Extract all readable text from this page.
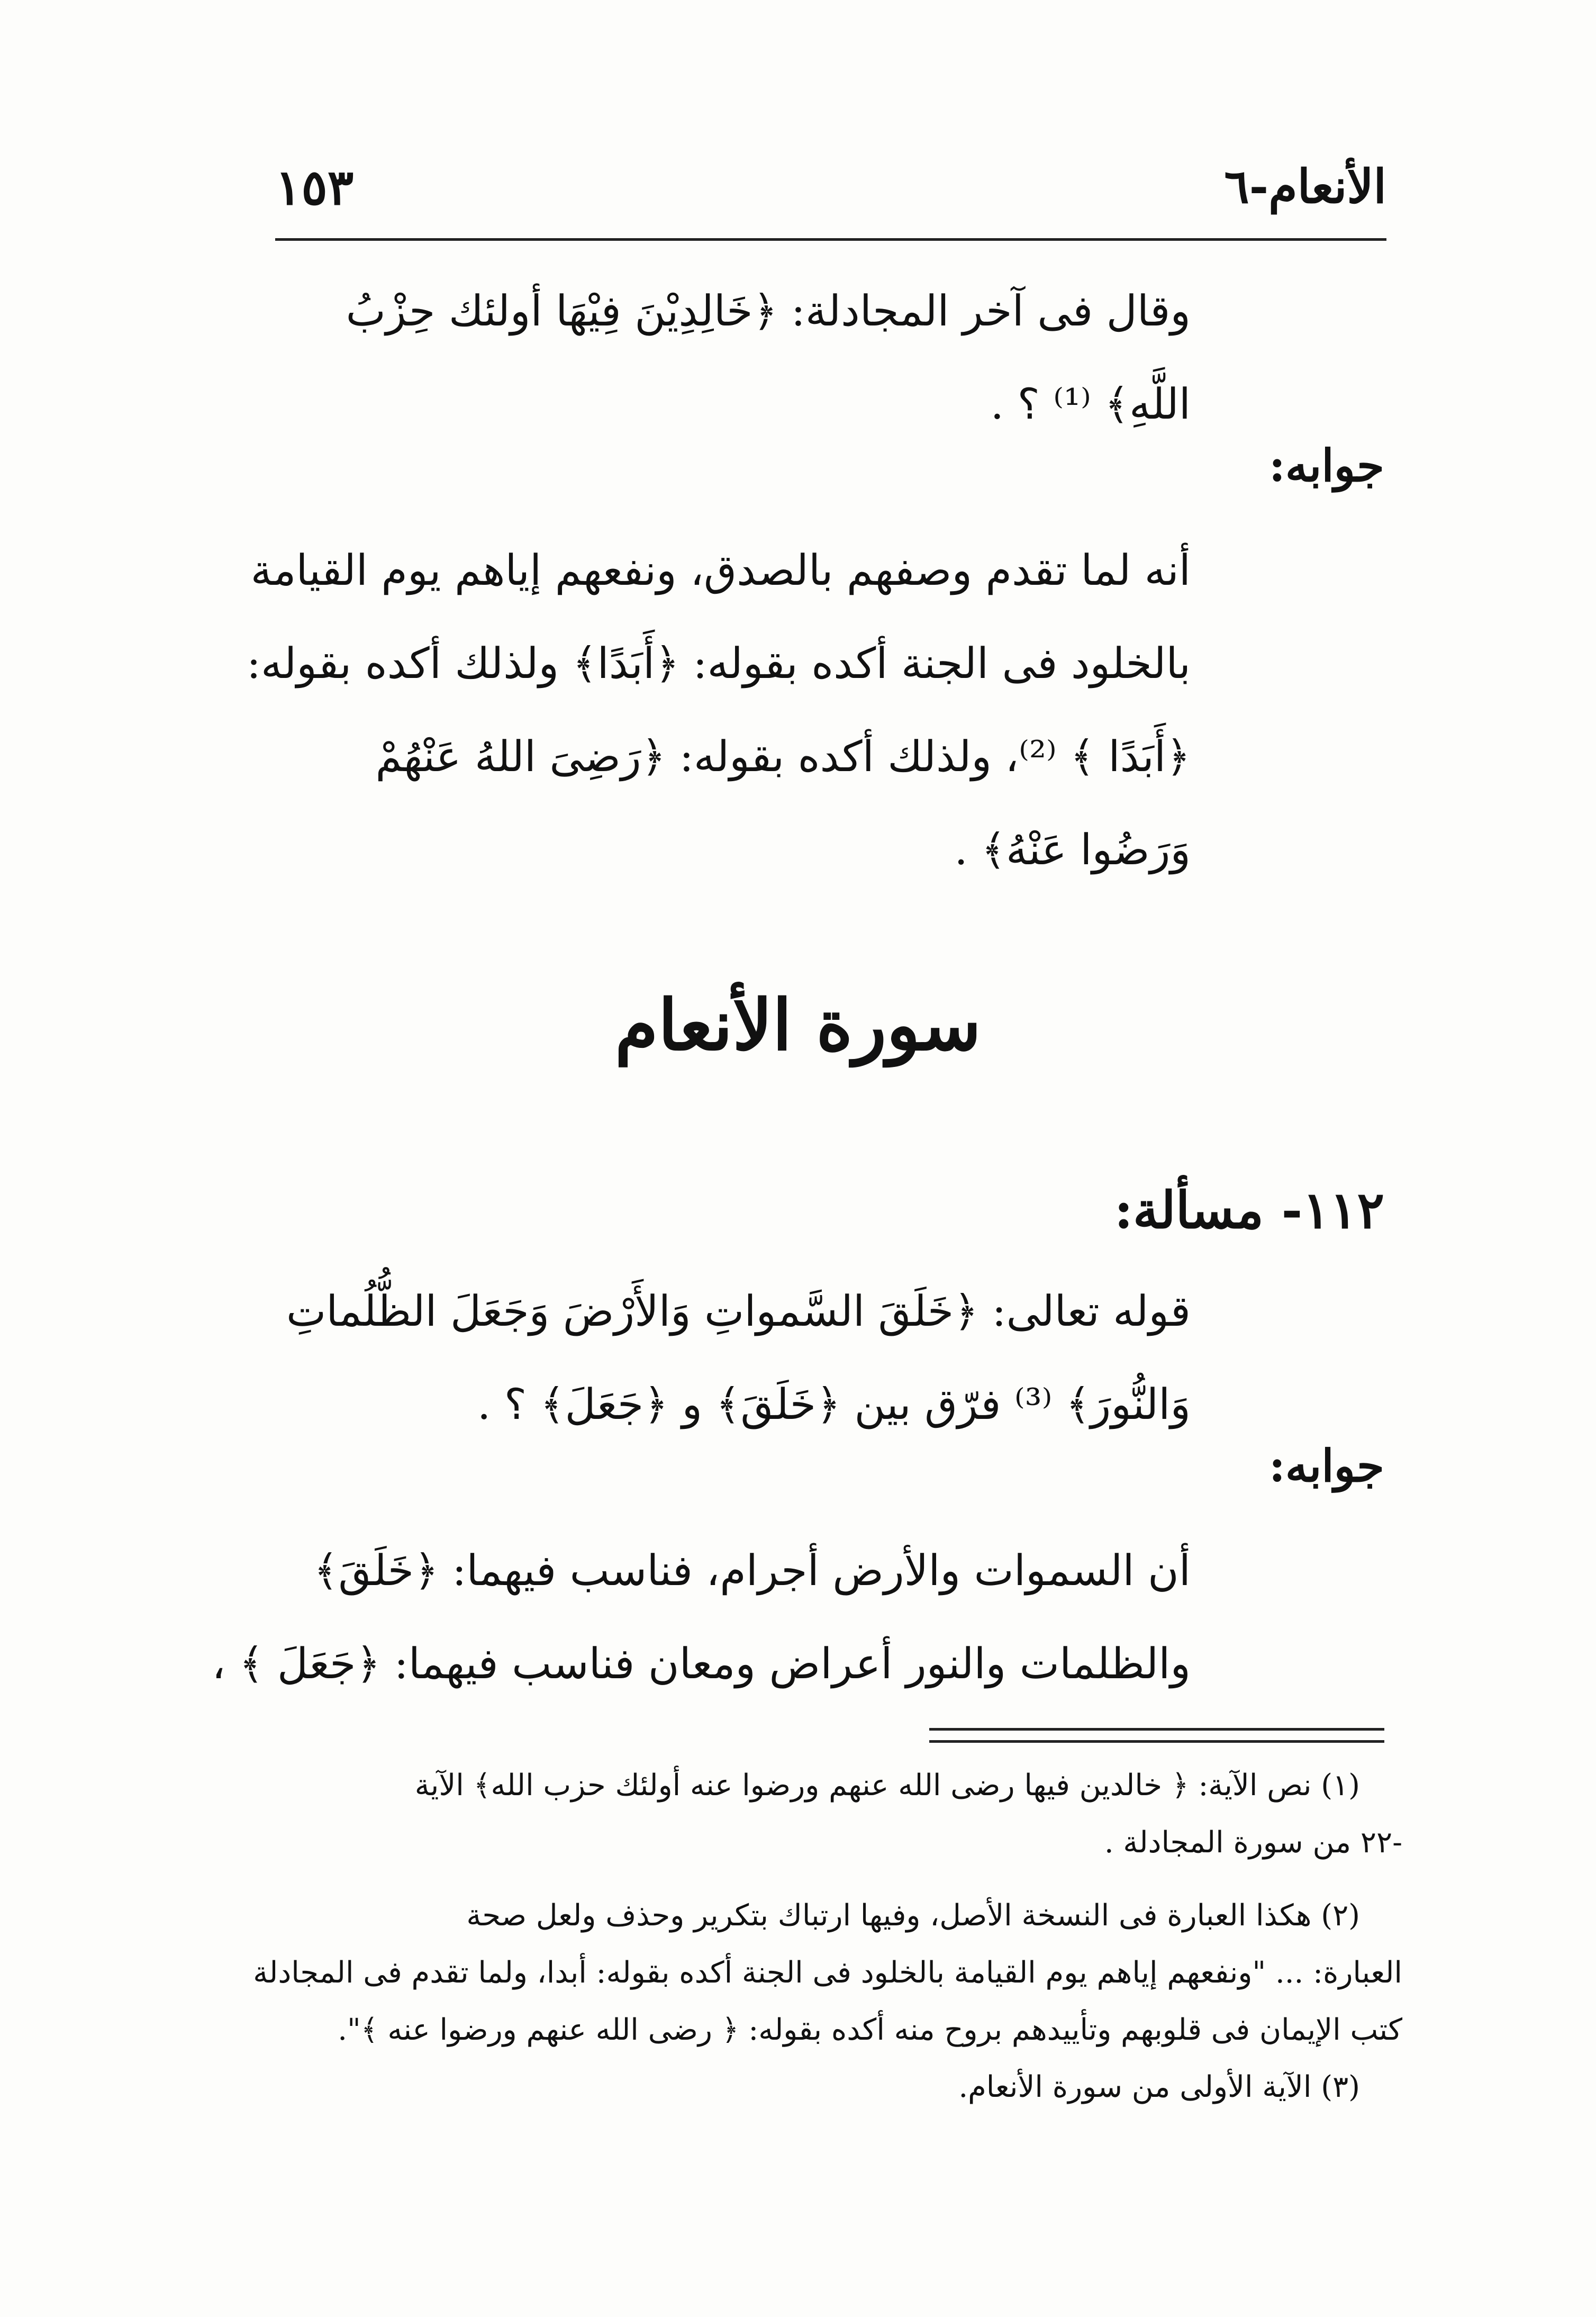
الأنعام-٦
١٥٣
وقال فى آخر المجادلة: ﴿خَالِدِيْنَ فِيْهَا أولئك حِزْبُ
اللَّهِ﴾ ⁽¹⁾ ؟ .
جوابه:
أنه لما تقدم وصفهم بالصدق، ونفعهم إياهم يوم القيامة
بالخلود فى الجنة أكده بقوله: ﴿أَبَدًا﴾ ولذلك أكده بقوله:
﴿أَبَدًا ﴾ ⁽²⁾، ولذلك أكده بقوله: ﴿رَضِىَ اللهُ عَنْهُمْ
وَرَضُوا عَنْهُ﴾ .
سورة الأنعام
١١٢- مسألة:
قوله تعالى: ﴿خَلَقَ السَّمواتِ وَالأَرْضَ وَجَعَلَ الظُّلُماتِ
وَالنُّورَ﴾ ⁽³⁾ فرّق بين ﴿خَلَقَ﴾ و ﴿جَعَلَ﴾ ؟ .
جوابه:
أن السموات والأرض أجرام، فناسب فيهما: ﴿خَلَقَ﴾
والظلمات والنور أعراض ومعان فناسب فيهما: ﴿جَعَلَ ﴾ ،
(١) نص الآية: ﴿ خالدين فيها رضى الله عنهم ورضوا عنه أولئك حزب الله﴾ الآية
-٢٢ من سورة المجادلة .
(٢) هكذا العبارة فى النسخة الأصل، وفيها ارتباك بتكرير وحذف ولعل صحة
العبارة: ... "ونفعهم إياهم يوم القيامة بالخلود فى الجنة أكده بقوله: أبدا، ولما تقدم فى المجادلة
كتب الإيمان فى قلوبهم وتأييدهم بروح منه أكده بقوله: ﴿ رضى الله عنهم ورضوا عنه ﴾".
(٣) الآية الأولى من سورة الأنعام.
